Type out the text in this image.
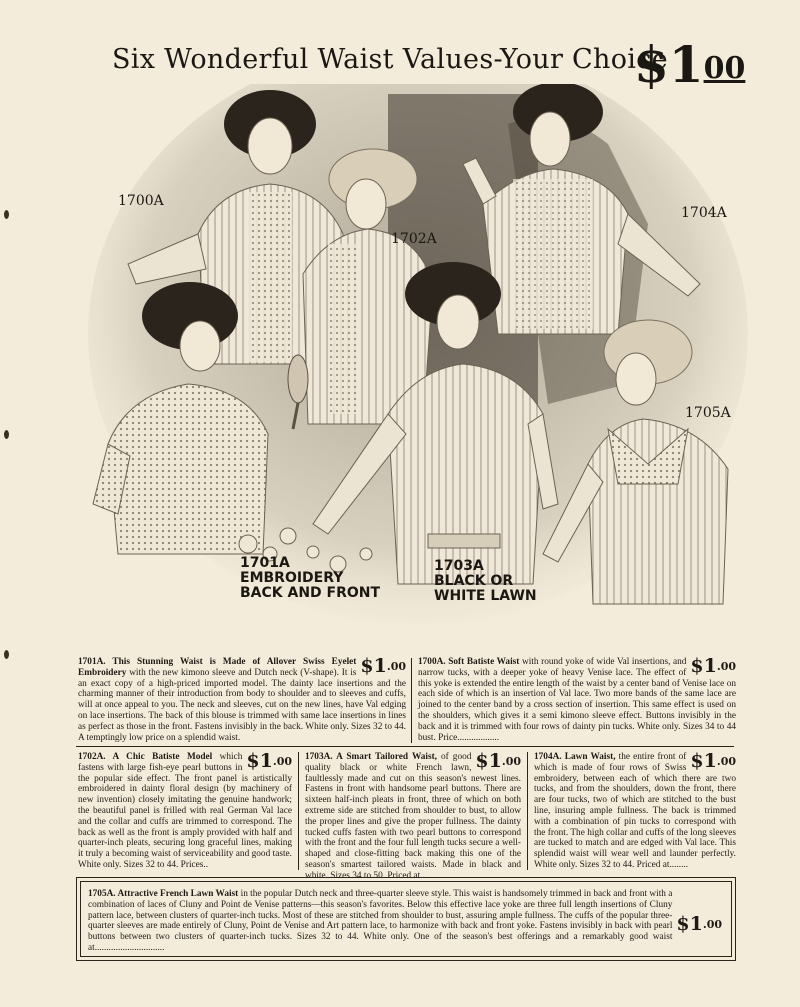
Six Wonderful Waist Values-Your Choice
$\$1^{00}$
1700A
1702A
1704A
1705A
1701A
EMBROIDERY
BACK AND FRONT
1703A
BLACK OR
WHITE LAWN
$\$1^{.00}$
1701A. This Stunning Waist is Made of Allover Swiss Eyelet Embroidery with the new kimono sleeve and Dutch neck (V-shape). It is an exact copy of a high-priced imported model. The dainty lace insertions and the charming manner of their introduction from body to shoulder and to sleeves and cuffs, will at once appeal to you. The neck and sleeves, cut on the new lines, have Val edging on lace insertions. The back of this blouse is trimmed with same lace insertions in lines as perfect as those in the front. Fastens invisibly in the back. White only. Sizes 32 to 44. A temptingly low price on a splendid waist.
$\$1^{.00}$
1700A. Soft Batiste Waist with round yoke of wide Val insertions, and narrow tucks, with a deeper yoke of heavy Venise lace. The effect of this yoke is extended the entire length of the waist by a center band of Venise lace on each side of which is an insertion of Val lace. Two more bands of the same lace are joined to the center band by a cross section of insertion. This same effect is used on the shoulders, which gives it a semi kimono sleeve effect. Buttons invisibly in the back and it is trimmed with four rows of dainty pin tucks. White only. Sizes 34 to 44 bust. Price..................
$\$1^{.00}$
1702A. A Chic Batiste Model which fastens with large fish-eye pearl buttons in the popular side effect. The front panel is artistically embroidered in dainty floral design (by machinery of new invention) closely imitating the genuine handwork; the beautiful panel is frilled with real German Val lace and the collar and cuffs are trimmed to correspond. The back as well as the front is amply provided with half and quarter-inch pleats, securing long graceful lines, making it truly a becoming waist of serviceability and good taste. White only. Sizes 32 to 44. Prices..
$\$1^{.00}$
1703A. A Smart Tailored Waist, of good quality black or white French lawn, faultlessly made and cut on this season's newest lines. Fastens in front with handsome pearl buttons. There are sixteen half-inch pleats in front, three of which on both extreme side are stitched from shoulder to bust, to allow the proper lines and give the proper fullness. The dainty tucked cuffs fasten with two pearl buttons to correspond with the front and the four full length tucks secure a well-shaped and close-fitting back making this one of the season's smartest tailored waists. Made in black and white. Sizes 34 to 50. Priced at....
$\$1^{.00}$
1704A. Lawn Waist, the entire front of which is made of four rows of Swiss embroidery, between each of which there are two tucks, and from the shoulders, down the front, there are four tucks, two of which are stitched to the bust line, insuring ample fullness. The back is trimmed with a combination of pin tucks to correspond with the front. The high collar and cuffs of the long sleeves are tucked to match and are edged with Val lace. This splendid waist will wear well and launder perfectly. White only. Sizes 32 to 44. Priced at........
$\$1^{.00}$
1705A. Attractive French Lawn Waist in the popular Dutch neck and three-quarter sleeve style. This waist is handsomely trimmed in back and front with a combination of laces of Cluny and Point de Venise patterns—this season's favorites. Below this effective lace yoke are three full length insertions of Cluny pattern lace, between clusters of quarter-inch tucks. Most of these are stitched from shoulder to bust, assuring ample fullness. The cuffs of the popular three-quarter sleeves are made entirely of Cluny, Point de Venise and Art pattern lace, to harmonize with back and front yoke. Fastens invisibly in back with pearl buttons between two clusters of quarter-inch tucks. Sizes 32 to 44. White only. One of the season's best offerings and a remarkably good waist at..............................
